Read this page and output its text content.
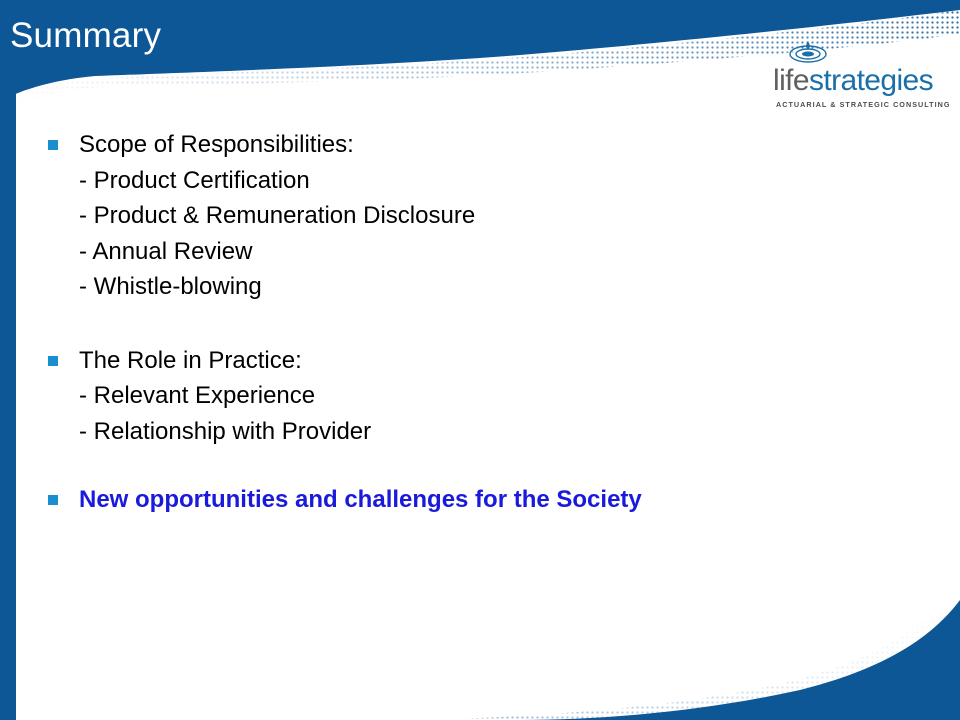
Summary
lifestrategies
ACTUARIAL & STRATEGIC CONSULTING
Scope of Responsibilities:
- Product Certification
- Product & Remuneration Disclosure
- Annual Review
- Whistle-blowing
The Role in Practice:
- Relevant Experience
- Relationship with Provider
New opportunities and challenges for the Society
